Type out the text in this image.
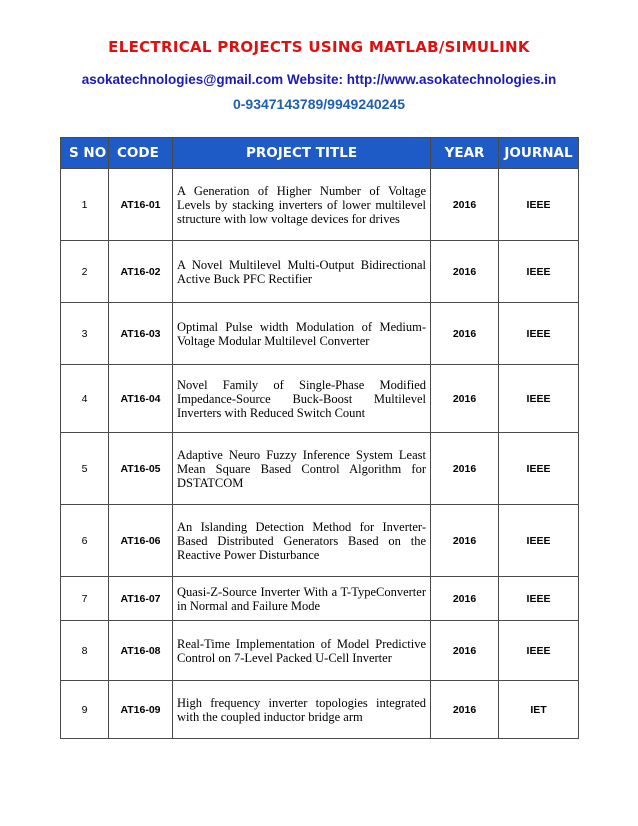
ELECTRICAL PROJECTS USING MATLAB/SIMULINK
asokatechnologies@gmail.com Website: http://www.asokatechnologies.in
0-9347143789/9949240245
S NO	CODE	PROJECT TITLE	YEAR	JOURNAL
1	AT16-01	A Generation of Higher Number of Voltage Levels by stacking inverters of lower multilevel structure with low voltage devices for drives	2016	IEEE
2	AT16-02	A Novel Multilevel Multi-Output Bidirectional Active Buck PFC Rectifier	2016	IEEE
3	AT16-03	Optimal Pulse width Modulation of Medium-Voltage Modular Multilevel Converter	2016	IEEE
4	AT16-04	Novel Family of Single-Phase Modified Impedance-Source Buck-Boost Multilevel Inverters with Reduced Switch Count	2016	IEEE
5	AT16-05	Adaptive Neuro Fuzzy Inference System Least Mean Square Based Control Algorithm for DSTATCOM	2016	IEEE
6	AT16-06	An Islanding Detection Method for Inverter-Based Distributed Generators Based on the Reactive Power Disturbance	2016	IEEE
7	AT16-07	Quasi-Z-Source Inverter With a T-TypeConverter in Normal and Failure Mode	2016	IEEE
8	AT16-08	Real-Time Implementation of Model Predictive Control on 7-Level Packed U-Cell Inverter	2016	IEEE
9	AT16-09	High frequency inverter topologies integrated with the coupled inductor bridge arm	2016	IET
